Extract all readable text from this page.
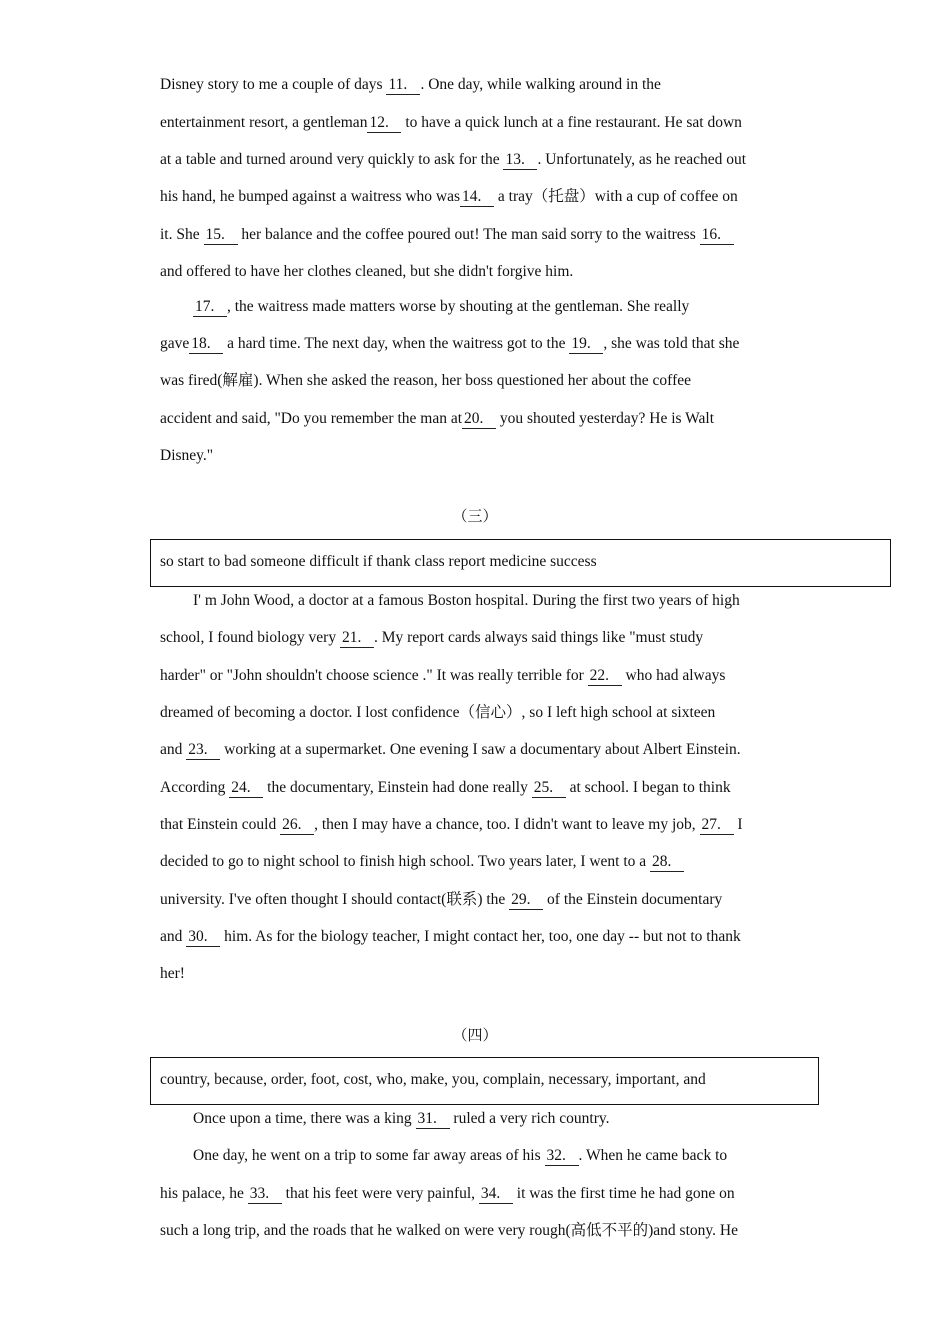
Disney story to me a couple of days 11. . One day, while walking around in the
entertainment resort, a gentleman 12. to have a quick lunch at a fine restaurant. He sat down
at a table and turned around very quickly to ask for the 13. . Unfortunately, as he reached out
his hand, he bumped against a waitress who was 14. a tray（托盘）with a cup of coffee on
it. She 15. her balance and the coffee poured out! The man said sorry to the waitress 16.
and offered to have her clothes cleaned, but she didn't forgive him.
17. , the waitress made matters worse by shouting at the gentleman. She really
gave 18. a hard time. The next day, when the waitress got to the 19. , she was told that she
was fired(解雇). When she asked the reason, her boss questioned her about the coffee
accident and said, "Do you remember the man at 20. you shouted yesterday? He is Walt
Disney."
（三）
so start to bad someone difficult if thank class report medicine success
I' m John Wood, a doctor at a famous Boston hospital. During the first two years of high
school, I found biology very 21. . My report cards always said things like "must study
harder" or "John shouldn't choose science ." It was really terrible for 22. who had always
dreamed of becoming a doctor. I lost confidence（信心）, so I left high school at sixteen
and 23. working at a supermarket. One evening I saw a documentary about Albert Einstein.
According 24. the documentary, Einstein had done really 25. at school. I began to think
that Einstein could 26. , then I may have a chance, too. I didn't want to leave my job, 27. I
decided to go to night school to finish high school. Two years later, I went to a 28.
university. I've often thought I should contact(联系) the 29. of the Einstein documentary
and 30. him. As for the biology teacher, I might contact her, too, one day -- but not to thank
her!
（四）
country, because, order, foot, cost, who, make, you, complain, necessary, important, and
Once upon a time, there was a king 31. ruled a very rich country.
One day, he went on a trip to some far away areas of his 32. . When he came back to
his palace, he 33. that his feet were very painful, 34. it was the first time he had gone on
such a long trip, and the roads that he walked on were very rough(高低不平的)and stony. He
